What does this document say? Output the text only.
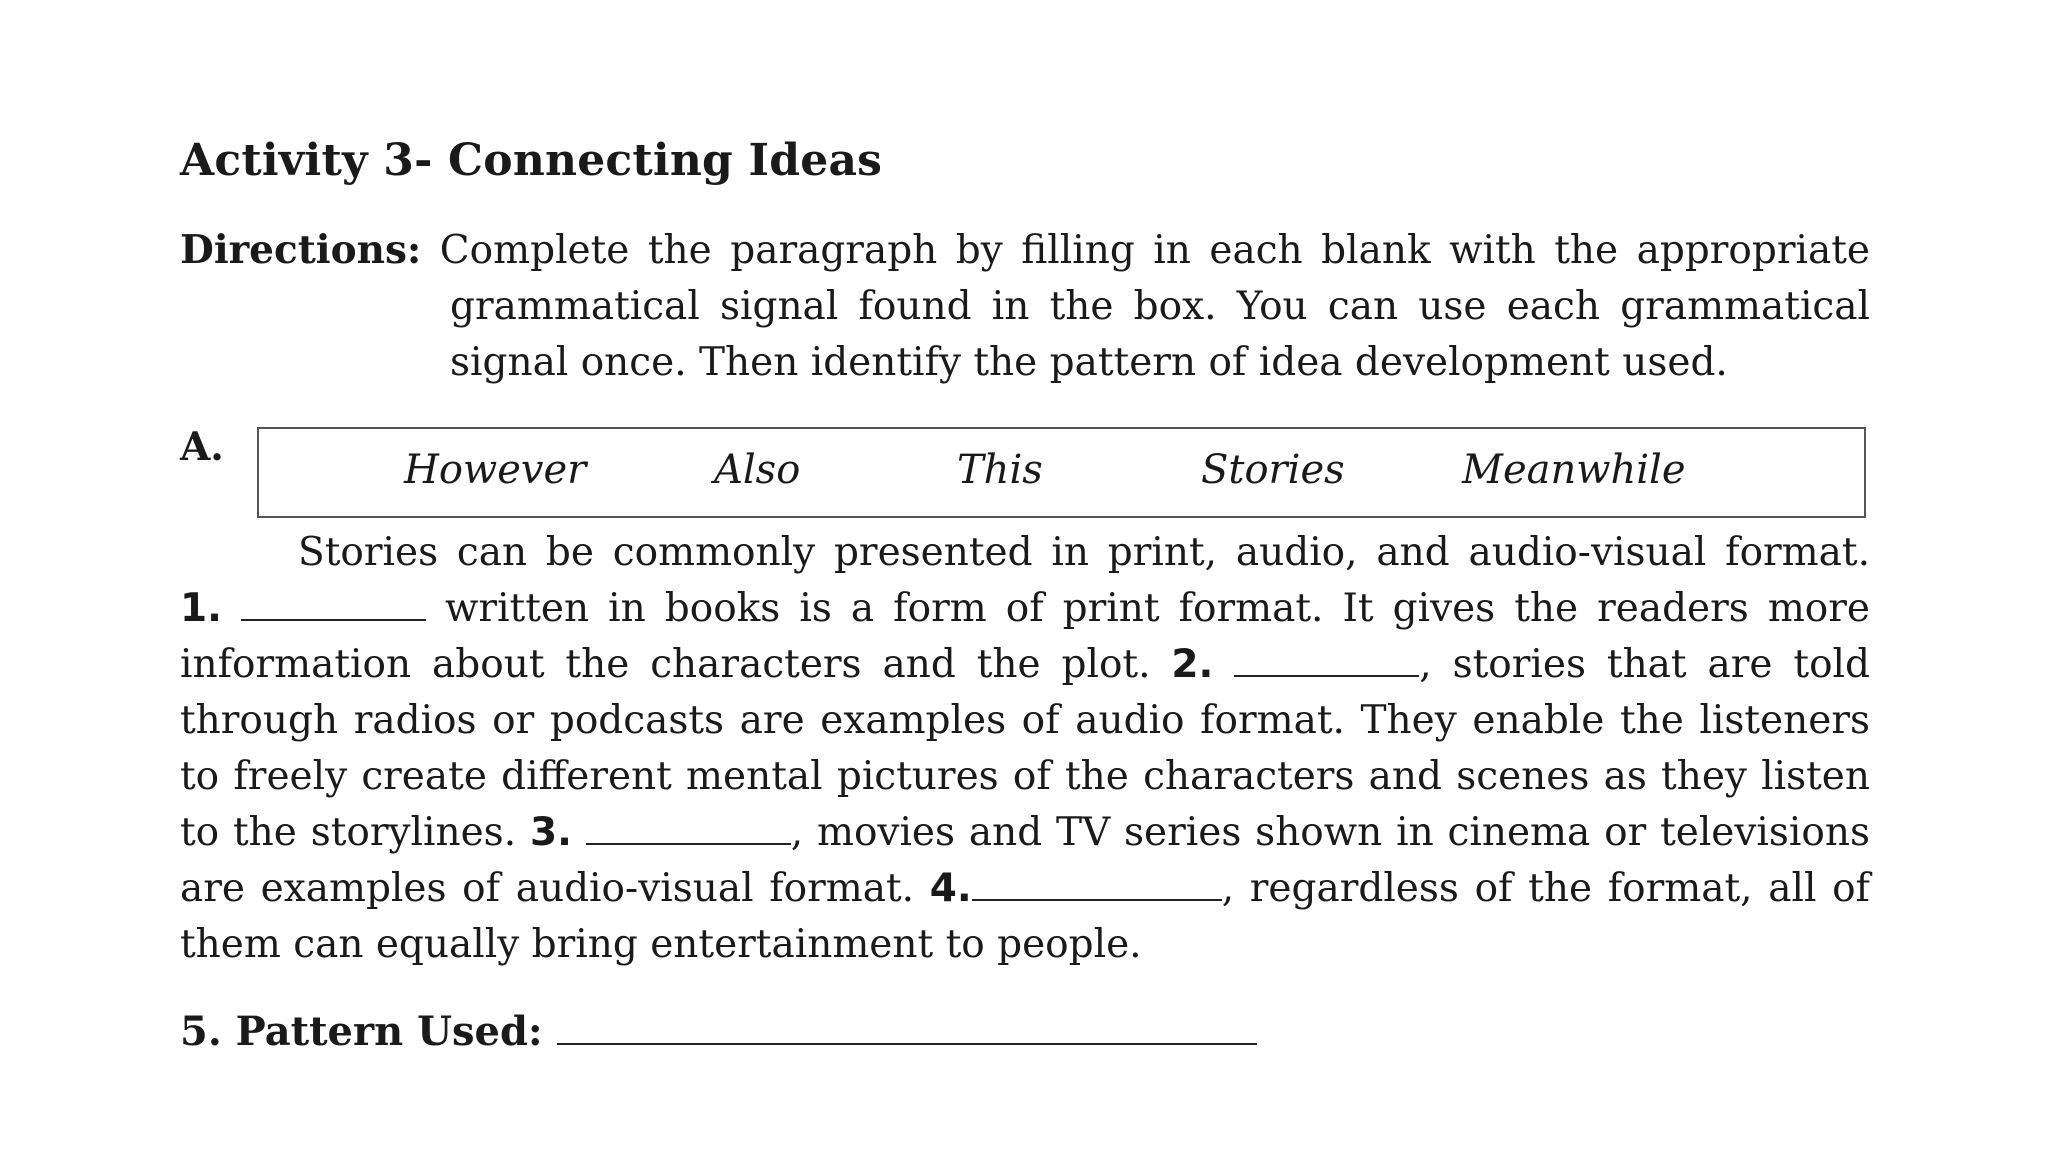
Activity 3- Connecting Ideas
Directions: Complete the paragraph by filling in each blank with the appropriate
grammatical signal found in the box. You can use each grammatical
signal once. Then identify the pattern of idea development used.
A.	However	Also	This	Stories	Meanwhile
Stories can be commonly presented in print, audio, and audio-visual format.
1.	written in books is a form of print format. It gives the readers more
information about the characters and the plot. 2.	, stories that are told
through radios or podcasts are examples of audio format. They enable the listeners
to freely create different mental pictures of the characters and scenes as they listen
to the storylines. 3.	, movies and TV series shown in cinema or televisions
are examples of audio-visual format. 4.	, regardless of the format, all of
them can equally bring entertainment to people.
5. Pattern Used:
